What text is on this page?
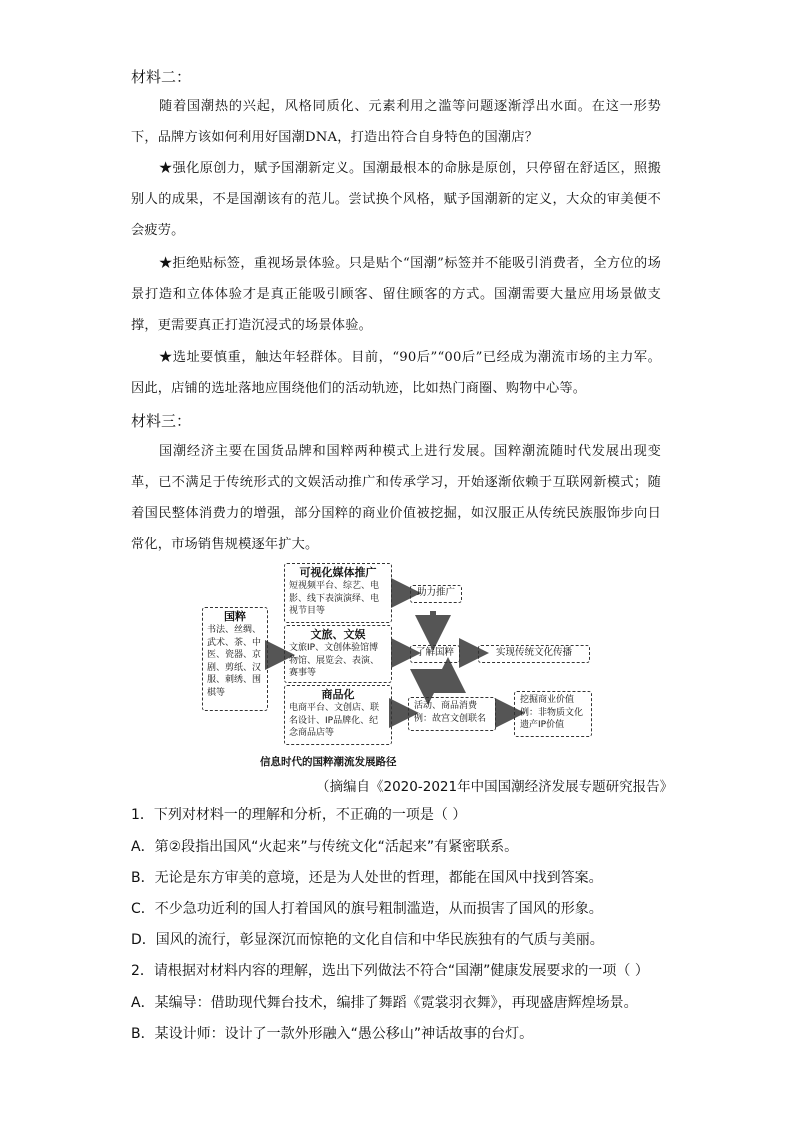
材料二：
随着国潮热的兴起，风格同质化、元素利用之滥等问题逐渐浮出水面。在这一形势下，品牌方该如何利用好国潮DNA，打造出符合自身特色的国潮店？
★强化原创力，赋予国潮新定义。国潮最根本的命脉是原创，只停留在舒适区，照搬别人的成果，不是国潮该有的范儿。尝试换个风格，赋予国潮新的定义，大众的审美便不会疲劳。
★拒绝贴标签，重视场景体验。只是贴个“国潮”标签并不能吸引消费者，全方位的场景打造和立体体验才是真正能吸引顾客、留住顾客的方式。国潮需要大量应用场景做支撑，更需要真正打造沉浸式的场景体验。
★选址要慎重，触达年轻群体。目前，“90后”“00后”已经成为潮流市场的主力军。因此，店铺的选址落地应围绕他们的活动轨迹，比如热门商圈、购物中心等。
材料三：
国潮经济主要在国货品牌和国粹两种模式上进行发展。国粹潮流随时代发展出现变革，已不满足于传统形式的文娱活动推广和传承学习，开始逐渐依赖于互联网新模式；随着国民整体消费力的增强，部分国粹的商业价值被挖掘，如汉服正从传统民族服饰步向日常化，市场销售规模逐年扩大。
国粹
书法、丝绸、武术、茶、中医、瓷器、京剧、剪纸、汉服、刺绣、围棋等
可视化媒体推广
短视频平台、综艺、电影、线下表演演绎、电视节目等
文旅、文娱
文旅IP、文创体验馆博物馆、展览会、表演、赛事等
商品化
电商平台、文创店、联名设计、IP品牌化、纪念商品店等
助力推广
了解国粹	实现传统文化传播
活动、商品消费例：故宫文创联名
挖掘商业价值例：非物质文化遗产IP价值
信息时代的国粹潮流发展路径
（摘编自《2020-2021年中国国潮经济发展专题研究报告》
1．下列对材料一的理解和分析，不正确的一项是（ ）
A．第②段指出国风“火起来”与传统文化“活起来”有紧密联系。
B．无论是东方审美的意境，还是为人处世的哲理，都能在国风中找到答案。
C．不少急功近利的国人打着国风的旗号粗制滥造，从而损害了国风的形象。
D．国风的流行，彰显深沉而惊艳的文化自信和中华民族独有的气质与美丽。
2．请根据对材料内容的理解，选出下列做法不符合“国潮”健康发展要求的一项（ ）
A．某编导：借助现代舞台技术，编排了舞蹈《霓裳羽衣舞》，再现盛唐辉煌场景。
B．某设计师：设计了一款外形融入“愚公移山”神话故事的台灯。
